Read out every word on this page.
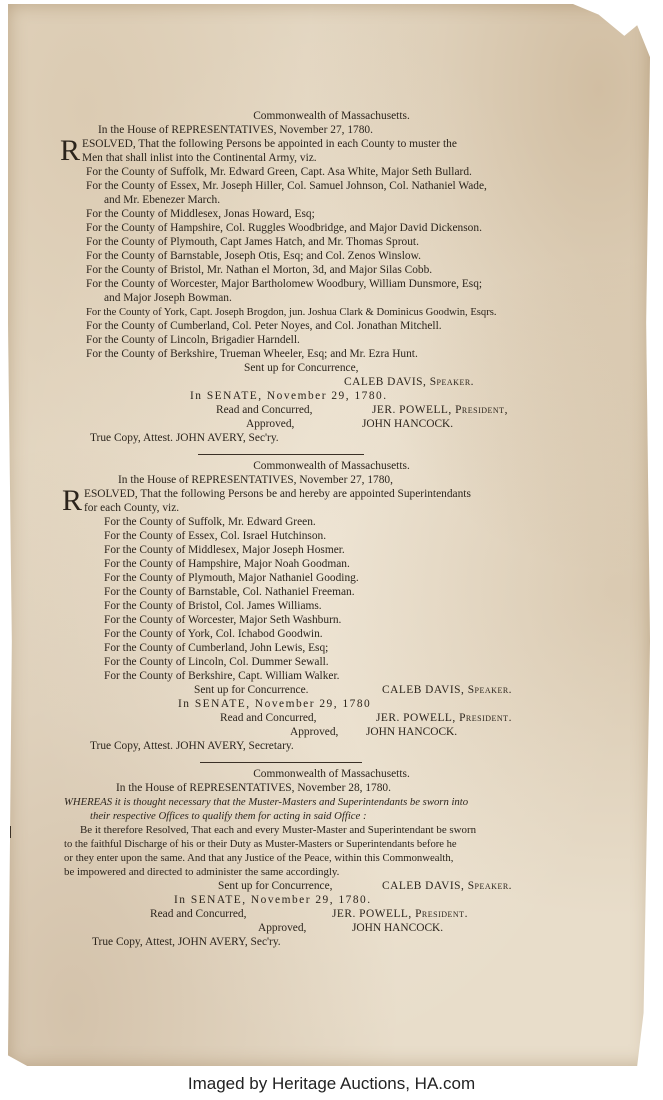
Commonwealth of Massachusetts.
In the House of REPRESENTATIVES, November 27, 1780.
R ESOLVED, That the following Persons be appointed in each County to muster the
Men that shall inlist into the Continental Army, viz.
For the County of Suffolk, Mr. Edward Green, Capt. Asa White, Major Seth Bullard.
For the County of Essex, Mr. Joseph Hiller, Col. Samuel Johnson, Col. Nathaniel Wade,
and Mr. Ebenezer March.
For the County of Middlesex, Jonas Howard, Esq;
For the County of Hampshire, Col. Ruggles Woodbridge, and Major David Dickenson.
For the County of Plymouth, Capt James Hatch, and Mr. Thomas Sprout.
For the County of Barnstable, Joseph Otis, Esq; and Col. Zenos Winslow.
For the County of Bristol, Mr. Nathan el Morton, 3d, and Major Silas Cobb.
For the County of Worcester, Major Bartholomew Woodbury, William Dunsmore, Esq;
and Major Joseph Bowman.
For the County of York, Capt. Joseph Brogdon, jun. Joshua Clark & Dominicus Goodwin, Esqrs.
For the County of Cumberland, Col. Peter Noyes, and Col. Jonathan Mitchell.
For the County of Lincoln, Brigadier Harndell.
For the County of Berkshire, Trueman Wheeler, Esq; and Mr. Ezra Hunt.
Sent up for Concurrence,
CALEB DAVIS, Speaker.
In SENATE, November 29, 1780.
Read and Concurred,	JER. POWELL, President,
Approved,	JOHN HANCOCK.
True Copy, Attest. JOHN AVERY, Sec'ry.
Commonwealth of Massachusetts.
In the House of REPRESENTATIVES, November 27, 1780,
R ESOLVED, That the following Persons be and hereby are appointed Superintendants
for each County, viz.
For the County of Suffolk, Mr. Edward Green.
For the County of Essex, Col. Israel Hutchinson.
For the County of Middlesex, Major Joseph Hosmer.
For the County of Hampshire, Major Noah Goodman.
For the County of Plymouth, Major Nathaniel Gooding.
For the County of Barnstable, Col. Nathaniel Freeman.
For the County of Bristol, Col. James Williams.
For the County of Worcester, Major Seth Washburn.
For the County of York, Col. Ichabod Goodwin.
For the County of Cumberland, John Lewis, Esq;
For the County of Lincoln, Col. Dummer Sewall.
For the County of Berkshire, Capt. William Walker.
Sent up for Concurrence.	CALEB DAVIS, Speaker.
In SENATE, November 29, 1780
Read and Concurred,	JER. POWELL, President.
Approved, JOHN HANCOCK.
True Copy, Attest. JOHN AVERY, Secretary.
Commonwealth of Massachusetts.
In the House of REPRESENTATIVES, November 28, 1780.
WHEREAS it is thought necessary that the Muster-Masters and Superintendants be sworn into
their respective Offices to qualify them for acting in said Office :
Be it therefore Resolved, That each and every Muster-Master and Superintendant be sworn
to the faithful Discharge of his or their Duty as Muster-Masters or Superintendants before he
or they enter upon the same. And that any Justice of the Peace, within this Commonwealth,
be impowered and directed to administer the same accordingly.
Sent up for Concurrence,	CALEB DAVIS, Speaker.
In SENATE, November 29, 1780.
Read and Concurred,	JER. POWELL, President.
Approved,	JOHN HANCOCK.
True Copy, Attest, JOHN AVERY, Sec'ry.
Imaged by Heritage Auctions, HA.com
